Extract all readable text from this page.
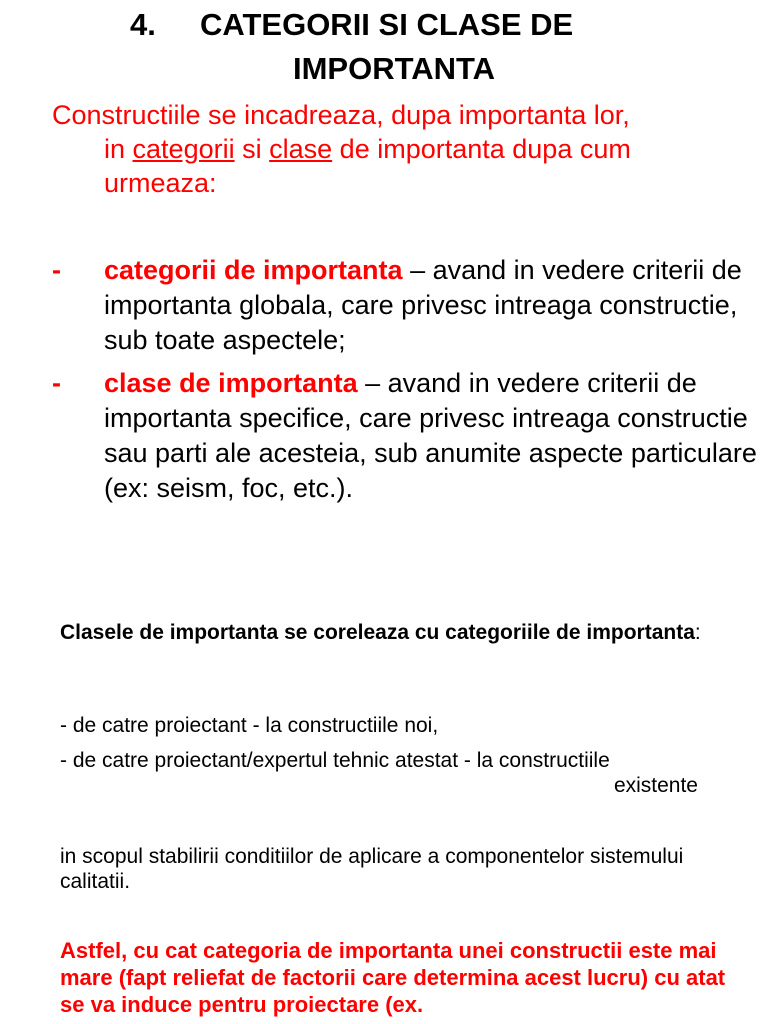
4. CATEGORII SI CLASE DE
IMPORTANTA
Constructiile se incadreaza, dupa importanta lor,
in categorii si clase de importanta dupa cum
urmeaza:
- categorii de importanta – avand in vedere criterii de importanta globala, care privesc intreaga constructie, sub toate aspectele;
- clase de importanta – avand in vedere criterii de importanta specifice, care privesc intreaga constructie sau parti ale acesteia, sub anumite aspecte particulare (ex: seism, foc, etc.).
Clasele de importanta se coreleaza cu categoriile de importanta:
- de catre proiectant - la constructiile noi,
- de catre proiectant/expertul tehnic atestat - la constructiile
existente
in scopul stabilirii conditiilor de aplicare a componentelor sistemului calitatii.
Astfel, cu cat categoria de importanta unei constructii este mai mare (fapt reliefat de factorii care determina acest lucru) cu atat se va induce pentru proiectare (ex.
